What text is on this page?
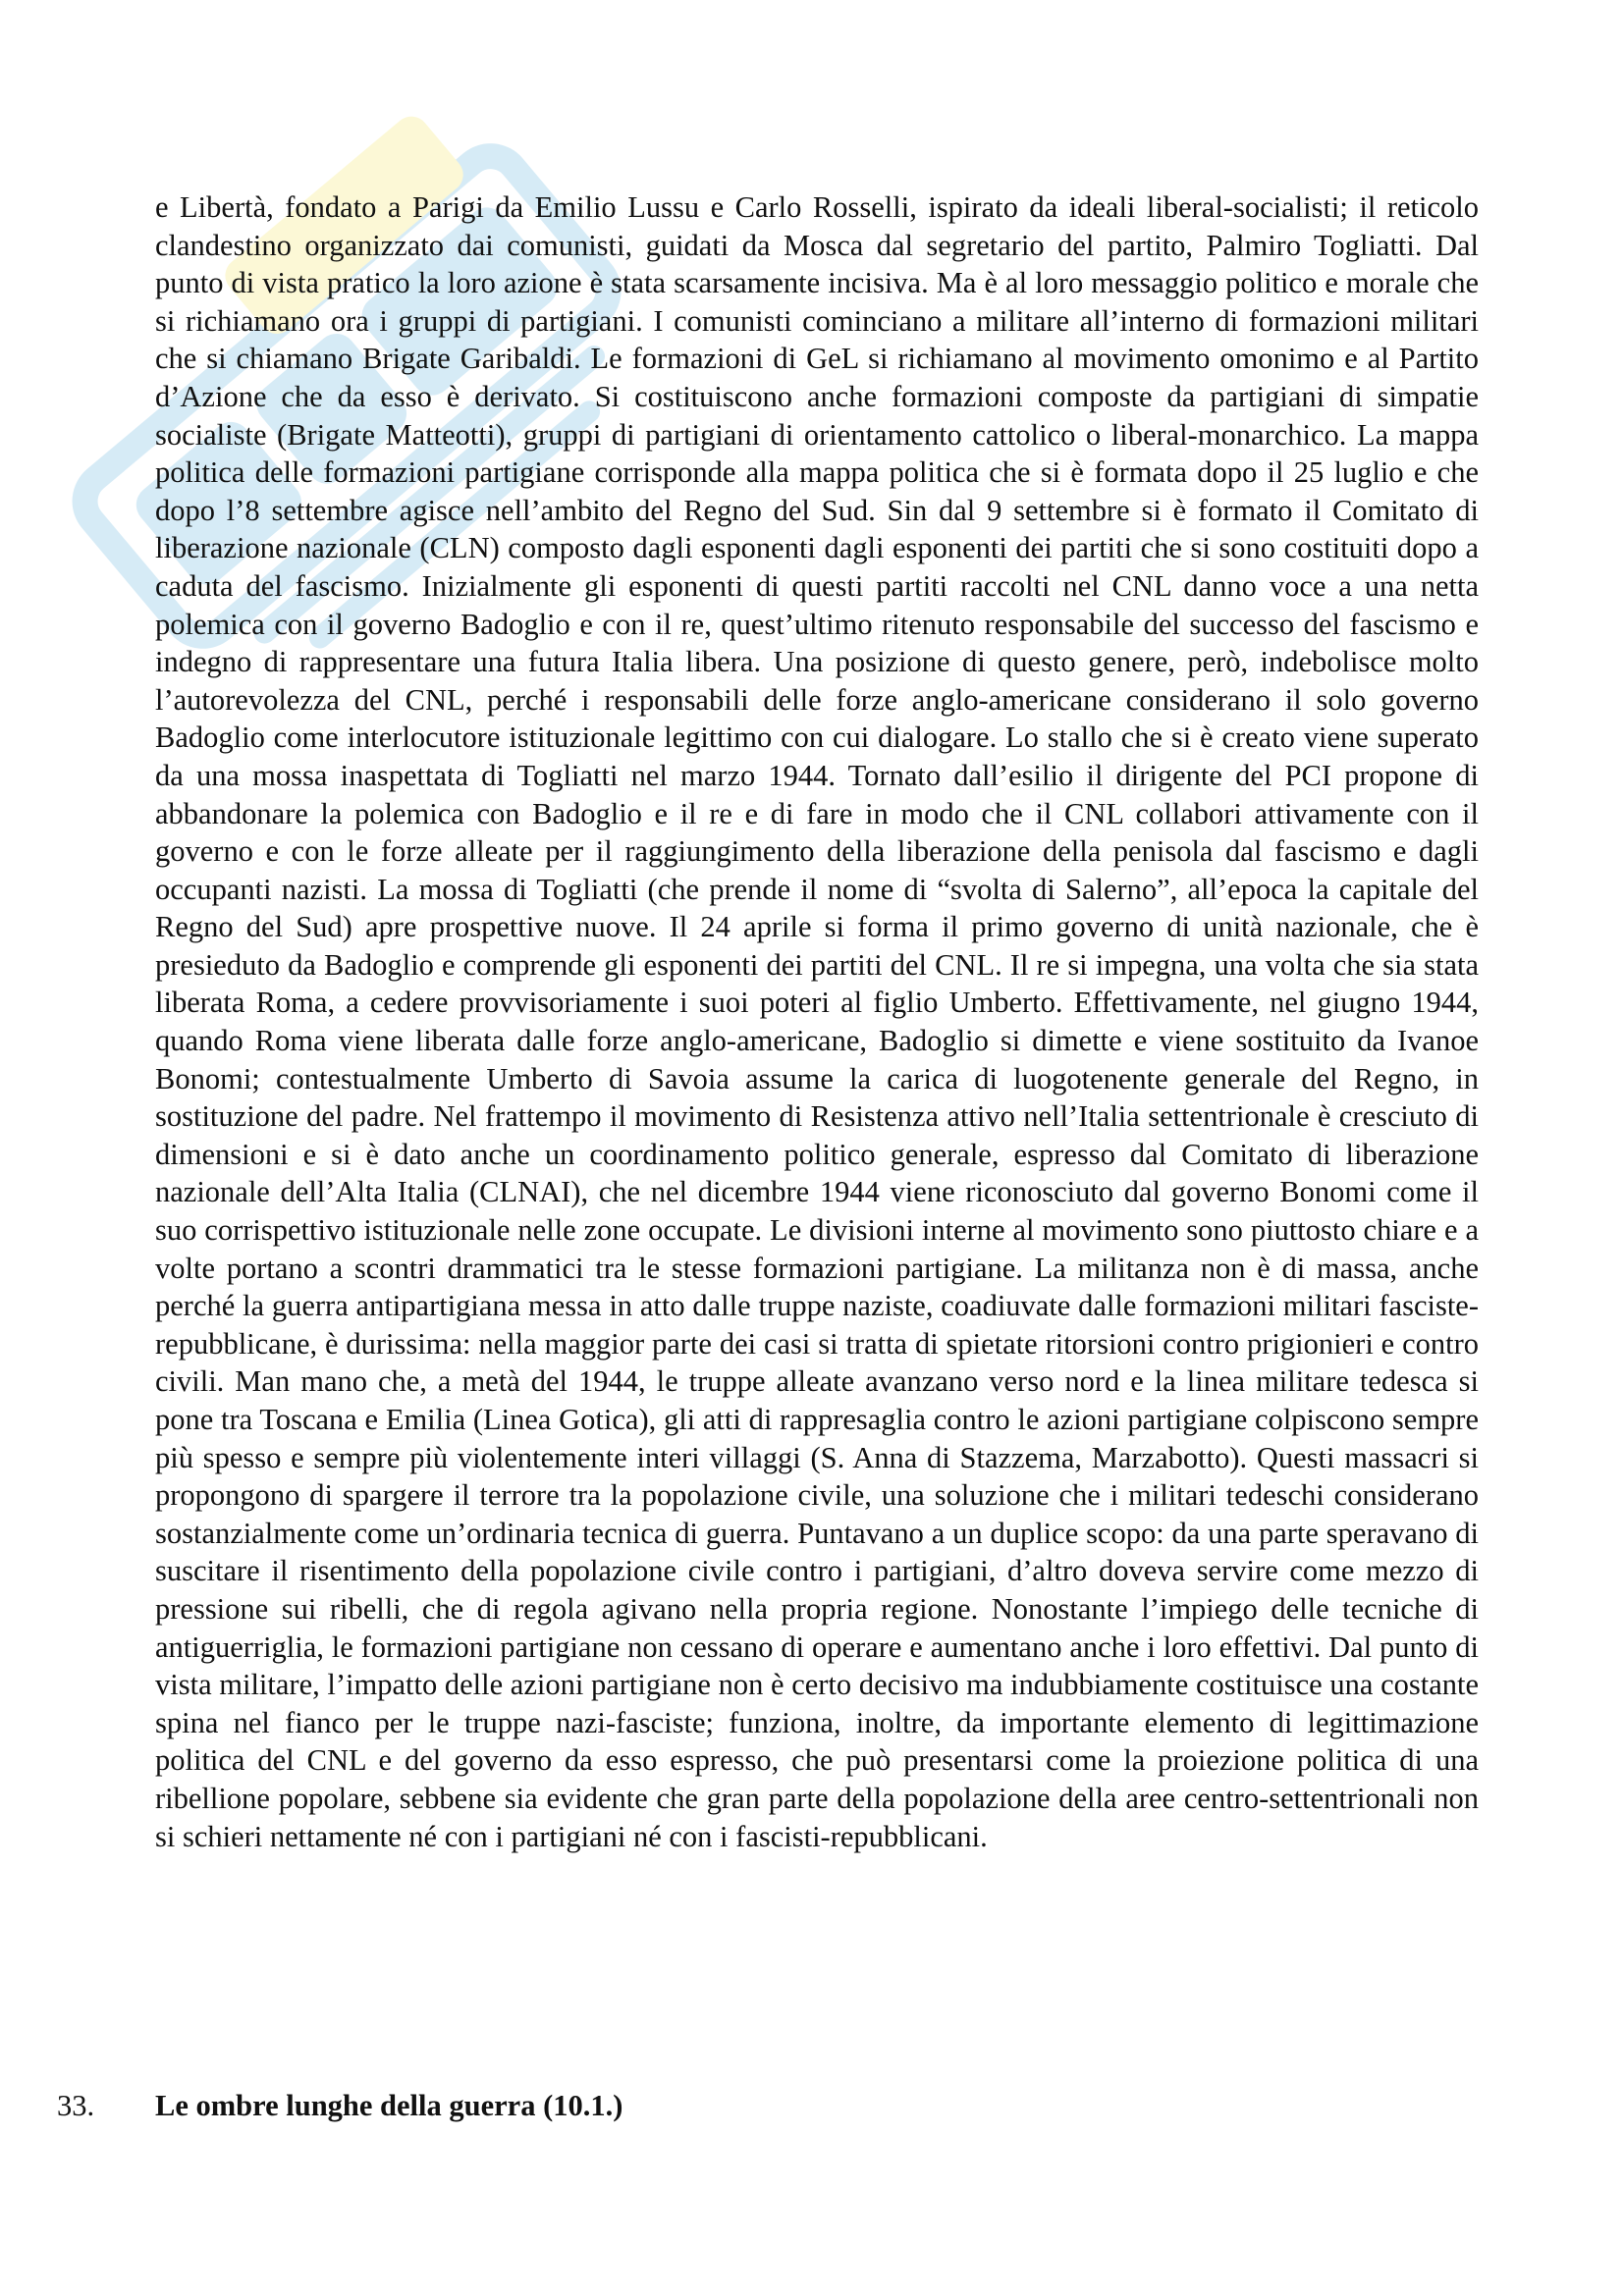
e Libertà, fondato a Parigi da Emilio Lussu e Carlo Rosselli, ispirato da ideali liberal-socialisti; il reticolo clandestino organizzato dai comunisti, guidati da Mosca dal segretario del partito, Palmiro Togliatti. Dal punto di vista pratico la loro azione è stata scarsamente incisiva. Ma è al loro messaggio politico e morale che si richiamano ora i gruppi di partigiani. I comunisti cominciano a militare all’interno di formazioni militari che si chiamano Brigate Garibaldi. Le formazioni di GeL si richiamano al movimento omonimo e al Partito d’Azione che da esso è derivato. Si costituiscono anche formazioni composte da partigiani di simpatie socialiste (Brigate Matteotti), gruppi di partigiani di orientamento cattolico o liberal-monarchico. La mappa politica delle formazioni partigiane corrisponde alla mappa politica che si è formata dopo il 25 luglio e che dopo l’8 settembre agisce nell’ambito del Regno del Sud. Sin dal 9 settembre si è formato il Comitato di liberazione nazionale (CLN) composto dagli esponenti dagli esponenti dei partiti che si sono costituiti dopo a caduta del fascismo. Inizialmente gli esponenti di questi partiti raccolti nel CNL danno voce a una netta polemica con il governo Badoglio e con il re, quest’ultimo ritenuto responsabile del successo del fascismo e indegno di rappresentare una futura Italia libera. Una posizione di questo genere, però, indebolisce molto l’autorevolezza del CNL, perché i responsabili delle forze anglo-americane considerano il solo governo Badoglio come interlocutore istituzionale legittimo con cui dialogare. Lo stallo che si è creato viene superato da una mossa inaspettata di Togliatti nel marzo 1944. Tornato dall’esilio il dirigente del PCI propone di abbandonare la polemica con Badoglio e il re e di fare in modo che il CNL collabori attivamente con il governo e con le forze alleate per il raggiungimento della liberazione della penisola dal fascismo e dagli occupanti nazisti. La mossa di Togliatti (che prende il nome di “svolta di Salerno”, all’epoca la capitale del Regno del Sud) apre prospettive nuove. Il 24 aprile si forma il primo governo di unità nazionale, che è presieduto da Badoglio e comprende gli esponenti dei partiti del CNL. Il re si impegna, una volta che sia stata liberata Roma, a cedere provvisoriamente i suoi poteri al figlio Umberto. Effettivamente, nel giugno 1944, quando Roma viene liberata dalle forze anglo-americane, Badoglio si dimette e viene sostituito da Ivanoe Bonomi; contestualmente Umberto di Savoia assume la carica di luogotenente generale del Regno, in sostituzione del padre. Nel frattempo il movimento di Resistenza attivo nell’Italia settentrionale è cresciuto di dimensioni e si è dato anche un coordinamento politico generale, espresso dal Comitato di liberazione nazionale dell’Alta Italia (CLNAI), che nel dicembre 1944 viene riconosciuto dal governo Bonomi come il suo corrispettivo istituzionale nelle zone occupate. Le divisioni interne al movimento sono piuttosto chiare e a volte portano a scontri drammatici tra le stesse formazioni partigiane. La militanza non è di massa, anche perché la guerra antipartigiana messa in atto dalle truppe naziste, coadiuvate dalle formazioni militari fasciste-repubblicane, è durissima: nella maggior parte dei casi si tratta di spietate ritorsioni contro prigionieri e contro civili. Man mano che, a metà del 1944, le truppe alleate avanzano verso nord e la linea militare tedesca si pone tra Toscana e Emilia (Linea Gotica), gli atti di rappresaglia contro le azioni partigiane colpiscono sempre più spesso e sempre più violentemente interi villaggi (S. Anna di Stazzema, Marzabotto). Questi massacri si propongono di spargere il terrore tra la popolazione civile, una soluzione che i militari tedeschi considerano sostanzialmente come un’ordinaria tecnica di guerra. Puntavano a un duplice scopo: da una parte speravano di suscitare il risentimento della popolazione civile contro i partigiani, d’altro doveva servire come mezzo di pressione sui ribelli, che di regola agivano nella propria regione. Nonostante l’impiego delle tecniche di antiguerriglia, le formazioni partigiane non cessano di operare e aumentano anche i loro effettivi. Dal punto di vista militare, l’impatto delle azioni partigiane non è certo decisivo ma indubbiamente costituisce una costante spina nel fianco per le truppe nazi-fasciste; funziona, inoltre, da importante elemento di legittimazione politica del CNL e del governo da esso espresso, che può presentarsi come la proiezione politica di una ribellione popolare, sebbene sia evidente che gran parte della popolazione della aree centro-settentrionali non si schieri nettamente né con i partigiani né con i fascisti-repubblicani.

33.	Le ombre lunghe della guerra (10.1.)
